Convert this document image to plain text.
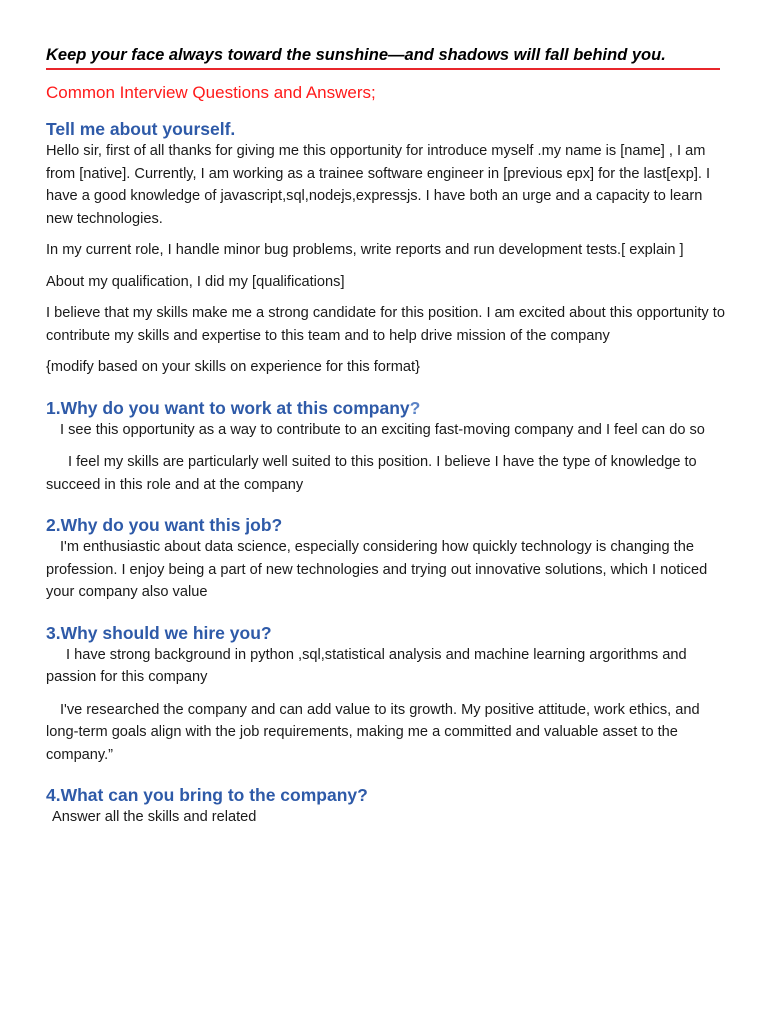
Keep your face always toward the sunshine—and shadows will fall behind you.

Common Interview Questions and Answers;

Tell me about yourself.

Hello sir, first of all thanks for giving me this opportunity for introduce myself .my name is [name] , I am from [native]. Currently, I am working as a trainee software engineer in [previous epx] for the last[exp]. I have a good knowledge of javascript,sql,nodejs,expressjs. I have both an urge and a capacity to learn new technologies.

In my current role, I handle minor bug problems, write reports and run development tests.[ explain ]

About my qualification, I did my [qualifications]

I believe that my skills make me a strong candidate for this position. I am excited about this opportunity to contribute my skills and expertise to this team and to help drive mission of the company

{modify based on your skills on experience for this format}

1.Why do you want to work at this company?

I see this opportunity as a way to contribute to an exciting fast-moving company and I feel can do so

I feel my skills are particularly well suited to this position. I believe I have the type of knowledge to succeed in this role and at the company

2.Why do you want this job?

I'm enthusiastic about data science, especially considering how quickly technology is changing the profession. I enjoy being a part of new technologies and trying out innovative solutions, which I noticed your company also value

3.Why should we hire you?

I have strong background in python ,sql,statistical analysis and machine learning argorithms and passion for this company

I've researched the company and can add value to its growth. My positive attitude, work ethics, and long-term goals align with the job requirements, making me a committed and valuable asset to the company.”

4.What can you bring to the company?

Answer all the skills and related
